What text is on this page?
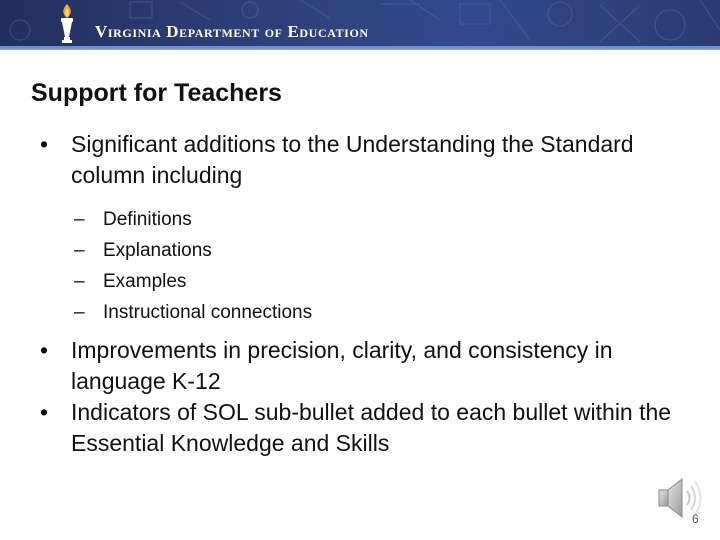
Virginia Department of Education
Support for Teachers
• Significant additions to the Understanding the Standard column including
– Definitions
– Explanations
– Examples
– Instructional connections
• Improvements in precision, clarity, and consistency in language K-12
• Indicators of SOL sub-bullet added to each bullet within the Essential Knowledge and Skills
6
